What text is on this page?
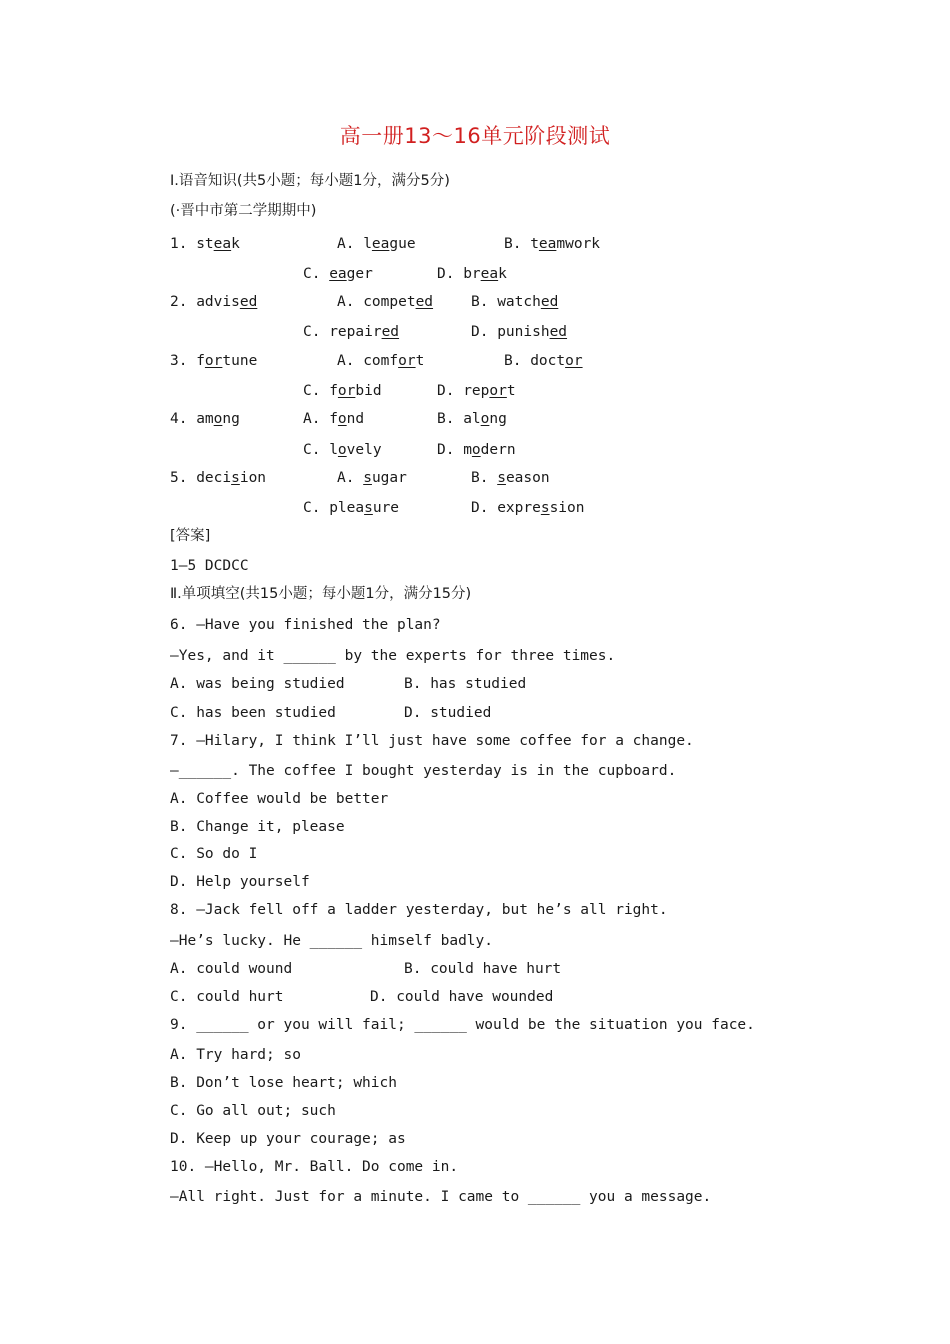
高一册13～16单元阶段测试
Ⅰ.语音知识(共5小题；每小题1分，满分5分)
(·晋中市第二学期期中)
1. steak	A. league	B. teamwork
C. eager	D. break
2. advised	A. competed	B. watched
C. repaired	D. punished
3. fortune	A. comfort	B. doctor
C. forbid	D. report
4. among	A. fond	B. along
C. lovely	D. modern
5. decision	A. sugar	B. season
C. pleasure	D. expression
[答案]
1—5 DCDCC
Ⅱ.单项填空(共15小题；每小题1分，满分15分)
6. —Have you finished the plan?
—Yes, and it ______ by the experts for three times.
A. was being studied	B. has studied
C. has been studied	D. studied
7. —Hilary, I think I’ll just have some coffee for a change.
—______. The coffee I bought yesterday is in the cupboard.
A. Coffee would be better
B. Change it, please
C. So do I
D. Help yourself
8. —Jack fell off a ladder yesterday, but he’s all right.
—He’s lucky. He ______ himself badly.
A. could wound	B. could have hurt
C. could hurt	D. could have wounded
9. ______ or you will fail; ______ would be the situation you face.
A. Try hard; so
B. Don’t lose heart; which
C. Go all out; such
D. Keep up your courage; as
10. —Hello, Mr. Ball. Do come in.
—All right. Just for a minute. I came to ______ you a message.
